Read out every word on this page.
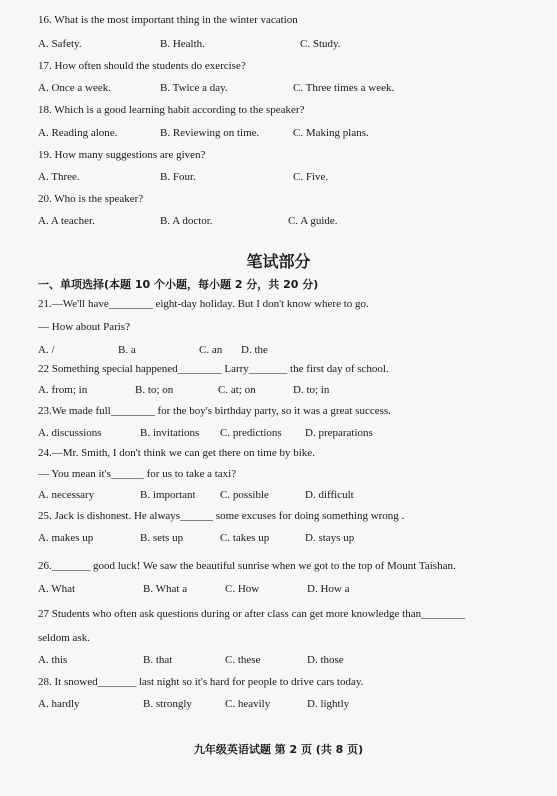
16. What is the most important thing in the winter vacation
A. Safety.	B. Health.	C. Study.
17. How often should the students do exercise?
A. Once a week.	B. Twice a day.	C. Three times a week.
18. Which is a good learning habit according to the speaker?
A. Reading alone.	B. Reviewing on time.	C. Making plans.
19. How many suggestions are given?
A. Three.	B. Four.	C. Five.
20. Who is the speaker?
A. A teacher.	B. A doctor.	C. A guide.
笔试部分
一、单项选择(本题 10 个小题，每小题 2 分，共 20 分)
21.—We'll have________ eight-day holiday. But I don't know where to go.
— How about Paris?
A. /	B. a	C. an D. the
22 Something special happened________ Larry_______ the first day of school.
A. from; in	B. to; on	C. at; on	D. to; in
23.We made full________ for the boy's birthday party, so it was a great success.
A. discussions	B. invitations C. predictions D. preparations
24.—Mr. Smith, I don't think we can get there on time by bike.
— You mean it's______ for us to take a taxi?
A. necessary	B. important C. possible	D. difficult
25. Jack is dishonest. He always______ some excuses for doing something wrong .
A. makes up	B. sets up	C. takes up	D. stays up
26._______ good luck! We saw the beautiful sunrise when we got to the top of Mount Taishan.
A. What	B. What a	C. How	D. How a
27 Students who often ask questions during or after class can get more knowledge than________
seldom ask.
A. this	B. that	C. these	D. those
28. It snowed_______ last night so it's hard for people to drive cars today.
A. hardly	B. strongly	C. heavily	D. lightly
九年级英语试题 第 2 页 (共 8 页)
